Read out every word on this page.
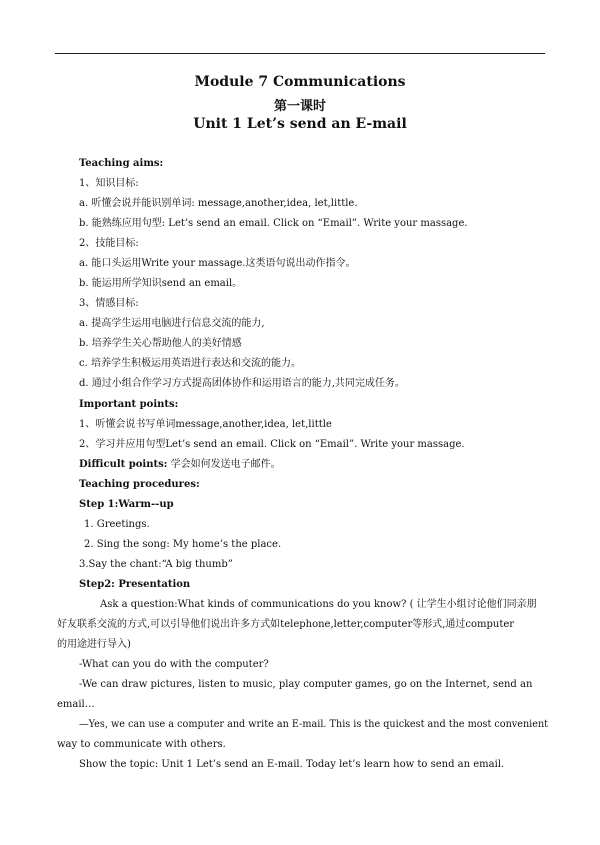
Module 7 Communications
第一课时
Unit 1 Let’s send an E-mail
Teaching aims:
1、知识目标:
a. 听懂会说并能识别单词: message,another,idea, let,little.
b. 能熟练应用句型: Let’s send an email. Click on “Email”. Write your massage.
2、技能目标:
a. 能口头运用Write your massage.这类语句说出动作指令。
b. 能运用所学知识send an email。
3、情感目标:
a. 提高学生运用电脑进行信息交流的能力,
b. 培养学生关心帮助他人的美好情感
c. 培养学生积极运用英语进行表达和交流的能力。
d. 通过小组合作学习方式提高团体协作和运用语言的能力,共同完成任务。
Important points:
1、听懂会说书写单词message,another,idea, let,little
2、学习并应用句型Let’s send an email. Click on “Email”. Write your massage.
Difficult points: 学会如何发送电子邮件。
Teaching procedures:
Step 1:Warm--up
1. Greetings.
2. Sing the song: My home’s the place.
3.Say the chant:“A big thumb”
Step2: Presentation
Ask a question:What kinds of communications do you know? ( 让学生小组讨论他们同亲朋
好友联系交流的方式,可以引导他们说出许多方式如telephone,letter,computer等形式,通过computer
的用途进行导入)
-What can you do with the computer?
-We can draw pictures, listen to music, play computer games, go on the Internet, send an
email…
—Yes, we can use a computer and write an E-mail. This is the quickest and the most convenient
way to communicate with others.
Show the topic: Unit 1 Let’s send an E-mail. Today let’s learn how to send an email.
